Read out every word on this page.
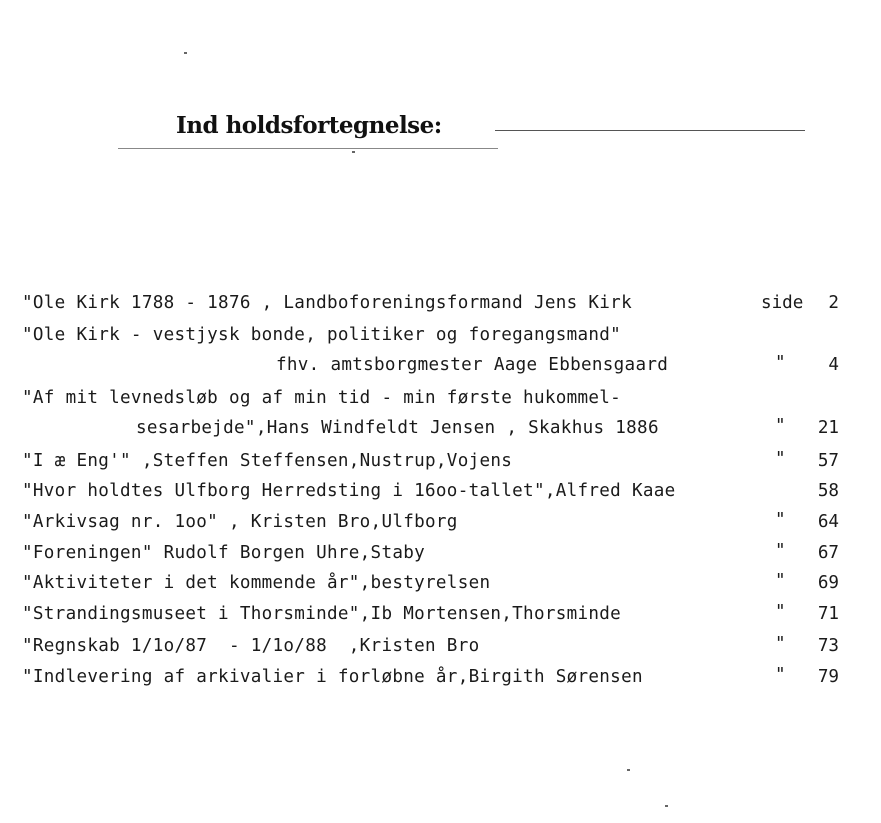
Ind holdsfortegnelse:
"Ole Kirk 1788 - 1876 , Landboforeningsformand Jens Kirk	side	2
"Ole Kirk - vestjysk bonde, politiker og foregangsmand"
fhv. amtsborgmester Aage Ebbensgaard	"	4
"Af mit levnedsløb og af min tid - min første hukommel-
sesarbejde",Hans Windfeldt Jensen , Skakhus 1886	"	21
"I æ Eng'" ,Steffen Steffensen,Nustrup,Vojens	"	57
"Hvor holdtes Ulfborg Herredsting i 16oo-tallet",Alfred Kaae	58
"Arkivsag nr. 1oo" , Kristen Bro,Ulfborg	"	64
"Foreningen" Rudolf Borgen Uhre,Staby	"	67
"Aktiviteter i det kommende år",bestyrelsen	"	69
"Strandingsmuseet i Thorsminde",Ib Mortensen,Thorsminde	"	71
"Regnskab 1/1o/87  - 1/1o/88  ,Kristen Bro	"	73
"Indlevering af arkivalier i forløbne år,Birgith Sørensen	"	79
